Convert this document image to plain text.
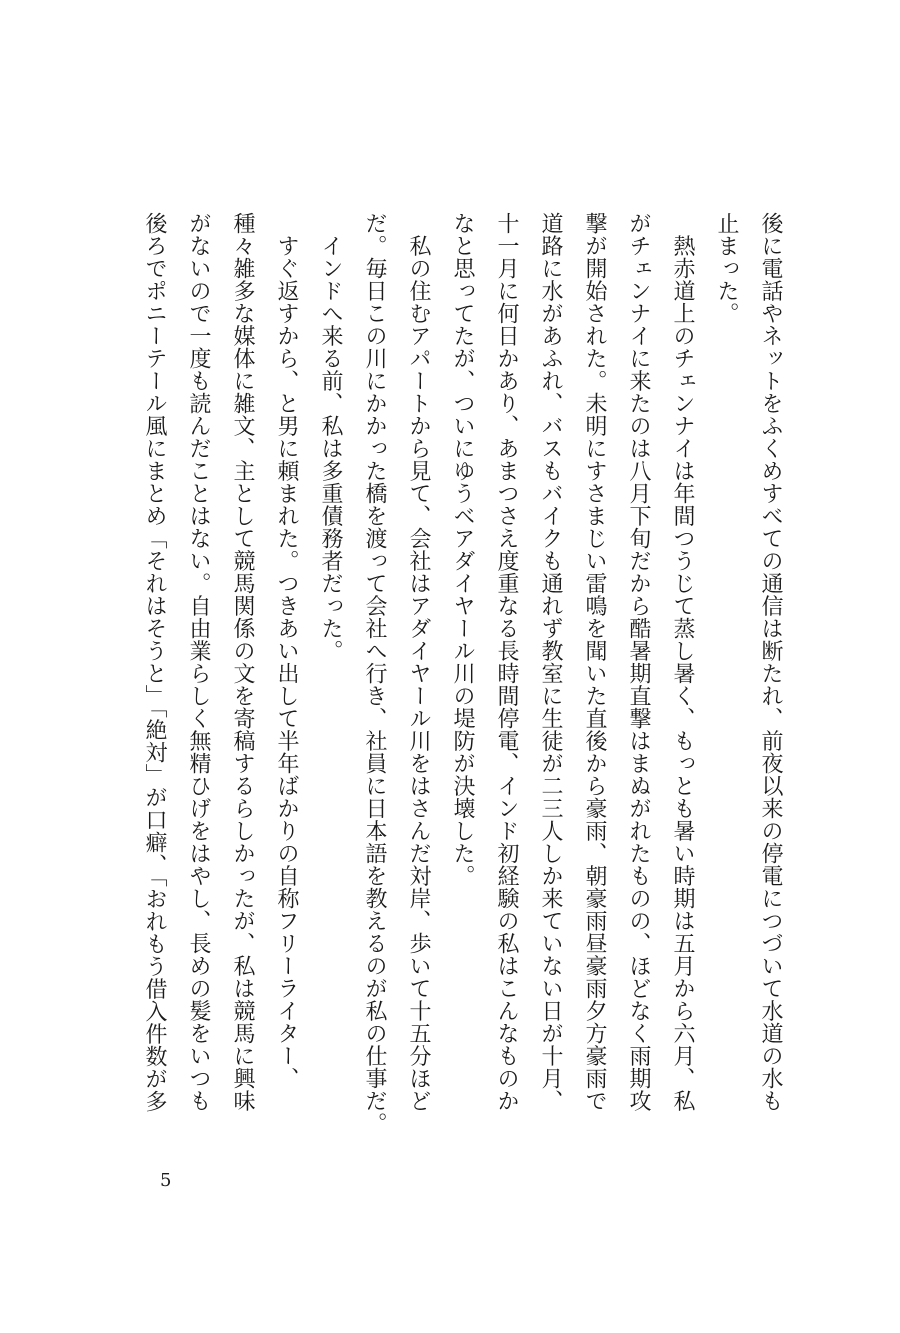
後に電話やネットをふくめすべての通信は断たれ、前夜以来の停電につづいて水道の水も
止まった。
　熱赤道上のチェンナイは年間つうじて蒸し暑く、もっとも暑い時期は五月から六月、私
がチェンナイに来たのは八月下旬だから酷暑期直撃はまぬがれたものの、ほどなく雨期攻
撃が開始された。未明にすさまじい雷鳴を聞いた直後から豪雨、朝豪雨昼豪雨夕方豪雨で
道路に水があふれ、バスもバイクも通れず教室に生徒が二三人しか来ていない日が十月、
十一月に何日かあり、あまつさえ度重なる長時間停電、インド初経験の私はこんなものか
なと思ってたが、ついにゆうベアダイヤール川の堤防が決壊した。
　私の住むアパートから見て、会社はアダイヤール川をはさんだ対岸、歩いて十五分ほど
だ。毎日この川にかかった橋を渡って会社へ行き、社員に日本語を教えるのが私の仕事だ。
　インドへ来る前、私は多重債務者だった。
　すぐ返すから、と男に頼まれた。つきあい出して半年ばかりの自称フリーライター、
種々雑多な媒体に雑文、主として競馬関係の文を寄稿するらしかったが、私は競馬に興味
がないので一度も読んだことはない。自由業らしく無精ひげをはやし、長めの髪をいつも
後ろでポニーテール風にまとめ「それはそうと」「絶対」が口癖、「おれもう借入件数が多
5
